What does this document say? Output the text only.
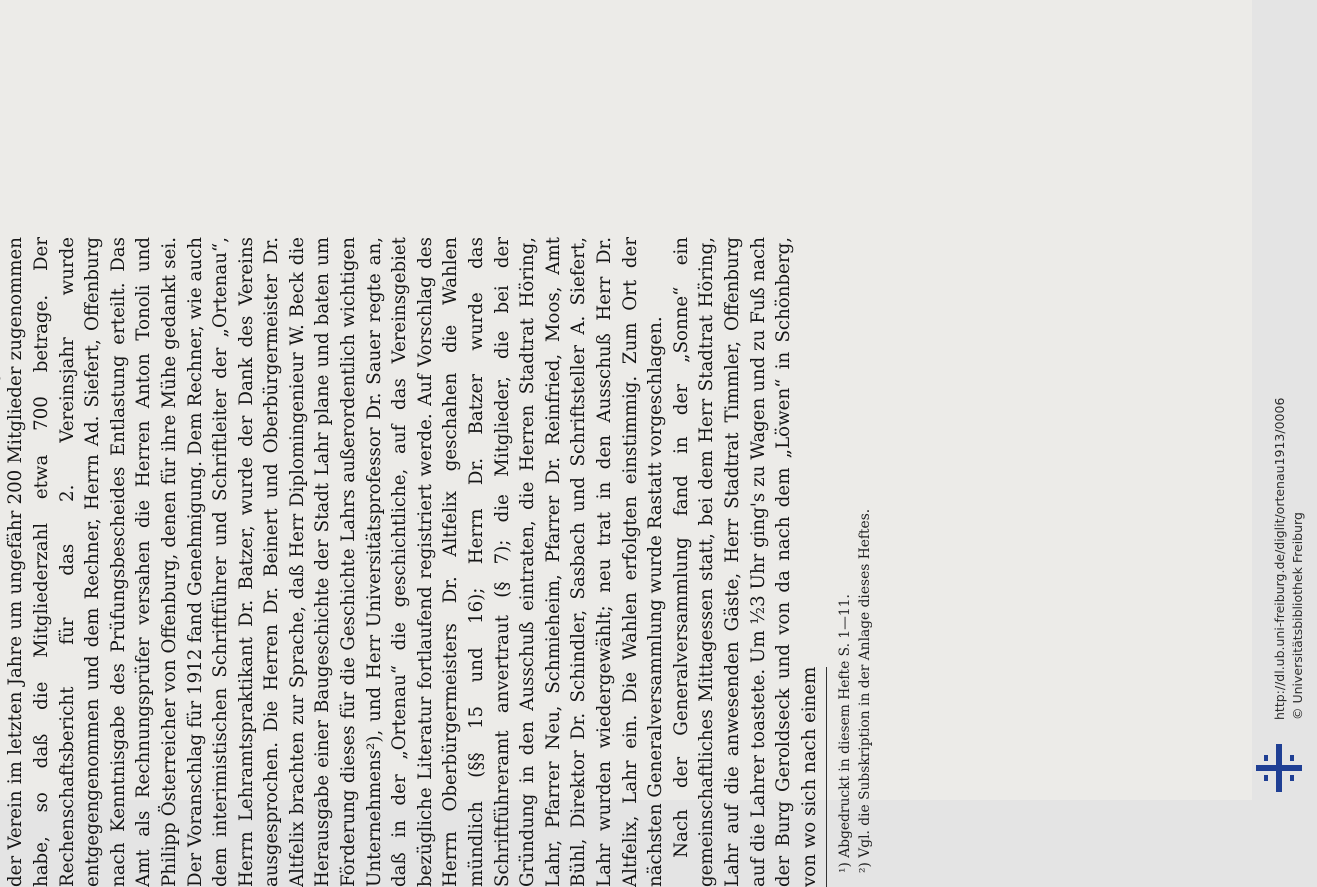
der Verein im letzten Jahre um ungefähr 200 Mitglieder zugenommen habe, so daß die Mitgliederzahl etwa 700 betrage. Der Rechenschaftsbericht für das 2. Vereinsjahr wurde entgegengenommen und dem Rechner, Herrn Ad. Siefert, Offenburg nach Kenntnisgabe des Prüfungsbescheides Entlastung erteilt. Das Amt als Rechnungsprüfer versahen die Herren Anton Tonoli und Philipp Österreicher von Offenburg, denen für ihre Mühe gedankt sei. Der Voranschlag für 1912 fand Genehmigung. Dem Rechner, wie auch dem interimistischen Schriftführer und Schriftleiter der „Ortenau“, Herrn Lehramtspraktikant Dr. Batzer, wurde der Dank des Vereins ausgesprochen. Die Herren Dr. Beinert und Oberbürgermeister Dr. Altfelix brachten zur Sprache, daß Herr Diplomingenieur W. Beck die Herausgabe einer Baugeschichte der Stadt Lahr plane und baten um Förderung dieses für die Geschichte Lahrs außerordentlich wichtigen Unternehmens²), und Herr Universitätsprofessor Dr. Sauer regte an, daß in der „Ortenau“ die geschichtliche, auf das Vereinsgebiet bezügliche Literatur fortlaufend registriert werde. Auf Vorschlag des Herrn Oberbürgermeisters Dr. Altfelix geschahen die Wahlen mündlich (§§ 15 und 16); Herrn Dr. Batzer wurde das Schriftführeramt anvertraut (§ 7); die Mitglieder, die bei der Gründung in den Ausschuß eintraten, die Herren Stadtrat Höring, Lahr, Pfarrer Neu, Schmieheim, Pfarrer Dr. Reinfried, Moos, Amt Bühl, Direktor Dr. Schindler, Sasbach und Schriftsteller A. Siefert, Lahr wurden wiedergewählt; neu trat in den Ausschuß Herr Dr. Altfelix, Lahr ein. Die Wahlen erfolgten einstimmig. Zum Ort der nächsten Generalversammlung wurde Rastatt vorgeschlagen. Nach der Generalversammlung fand in der „Sonne“ ein gemeinschaftliches Mittagessen statt, bei dem Herr Stadtrat Höring, Lahr auf die anwesenden Gäste, Herr Stadtrat Timmler, Offenburg auf die Lahrer toastete. Um ½3 Uhr ging's zu Wagen und zu Fuß nach der Burg Geroldseck und von da nach dem „Löwen“ in Schönberg, von wo sich nach einem ¹) Abgedruckt in diesem Hefte S. 1—11. ²) Vgl. die Subskription in der Anlage dieses Heftes.	http://dl.ub.uni-freiburg.de/diglit/ortenau1913/0006 © Universitätsbibliothek Freiburg
